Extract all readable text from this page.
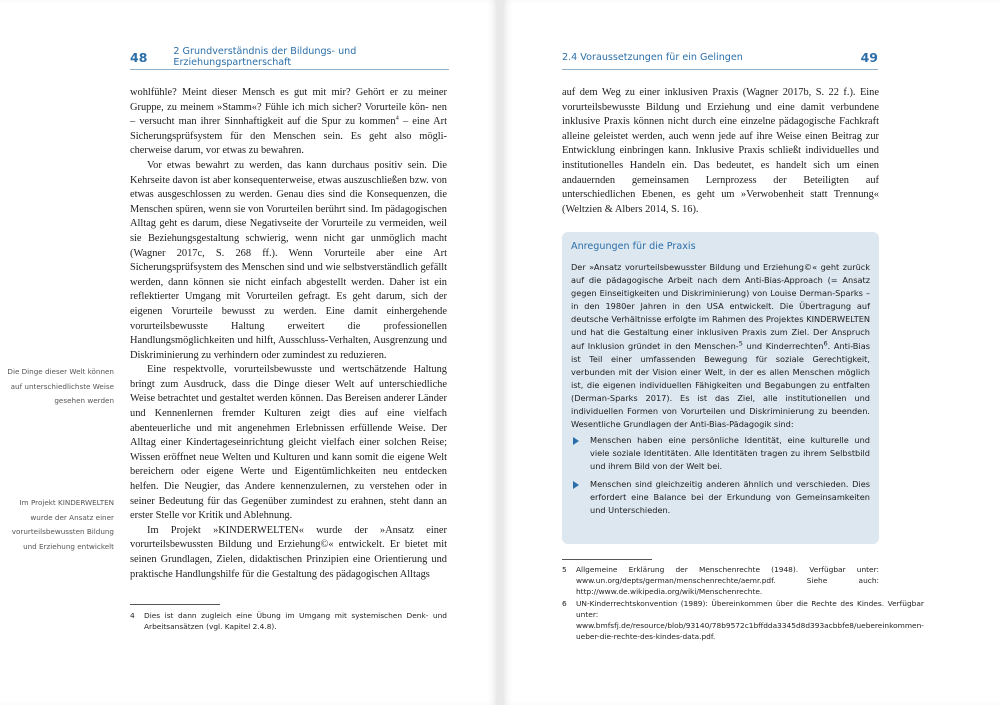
48	2 Grundverständnis der Bildungs- und Erziehungspartnerschaft

wohlfühle? Meint dieser Mensch es gut mit mir? Gehört er zu meiner Gruppe, zu meinem »Stamm«? Fühle ich mich sicher? Vorurteile kön- nen – versucht man ihrer Sinnhaftigkeit auf die Spur zu kommen$^4$ – eine Art Sicherungsprüfsystem für den Menschen sein. Es geht also mögli- cherweise darum, vor etwas zu bewahren.

Vor etwas bewahrt zu werden, das kann durchaus positiv sein. Die Kehrseite davon ist aber konsequenterweise, etwas auszuschließen bzw. von etwas ausgeschlossen zu werden. Genau dies sind die Konsequenzen, die Menschen spüren, wenn sie von Vorurteilen berührt sind. Im pädagogischen Alltag geht es darum, diese Negativseite der Vorurteile zu vermeiden, weil sie Beziehungsgestaltung schwierig, wenn nicht gar unmöglich macht (Wagner 2017c, S. 268 ff.). Wenn Vorurteile aber eine Art Sicherungsprüfsystem des Menschen sind und wie selbstverständlich gefällt werden, dann können sie nicht einfach abgestellt werden. Daher ist ein reflektierter Umgang mit Vorurteilen gefragt. Es geht darum, sich der eigenen Vorurteile bewusst zu werden. Eine damit einhergehende vorurteilsbewusste Haltung erweitert die professionellen Handlungsmöglichkeiten und hilft, Ausschluss-Verhalten, Ausgrenzung und Diskriminierung zu verhindern oder zumindest zu reduzieren.

Eine respektvolle, vorurteilsbewusste und wertschätzende Haltung bringt zum Ausdruck, dass die Dinge dieser Welt auf unterschiedliche Weise betrachtet und gestaltet werden können. Das Bereisen anderer Länder und Kennenlernen fremder Kulturen zeigt dies auf eine vielfach abenteuerliche und mit angenehmen Erlebnissen erfüllende Weise. Der Alltag einer Kindertageseinrichtung gleicht vielfach einer solchen Reise; Wissen eröffnet neue Welten und Kulturen und kann somit die eigene Welt bereichern oder eigene Werte und Eigentümlichkeiten neu entdecken helfen. Die Neugier, das Andere kennenzulernen, zu verstehen oder in seiner Bedeutung für das Gegenüber zumindest zu erahnen, steht dann an erster Stelle vor Kritik und Ablehnung.

Im Projekt »KINDERWELTEN« wurde der »Ansatz einer vorurteilsbewussten Bildung und Erziehung©« entwickelt. Er bietet mit seinen Grundlagen, Zielen, didaktischen Prinzipien eine Orientierung und praktische Handlungshilfe für die Gestaltung des pädagogischen Alltags

Die Dinge dieser Welt können auf unterschiedlichste Weise gesehen werden
Im Projekt KINDERWELTEN wurde der Ansatz einer vorurteilsbewussten Bildung und Erziehung entwickelt
4	Dies ist dann zugleich eine Übung im Umgang mit systemischen Denk- und Arbeitsansätzen (vgl. Kapitel 2.4.8).
2.4 Voraussetzungen für ein Gelingen	49

auf dem Weg zu einer inklusiven Praxis (Wagner 2017b, S. 22 f.). Eine vorurteilsbewusste Bildung und Erziehung und eine damit verbundene inklusive Praxis können nicht durch eine einzelne pädagogische Fachkraft alleine geleistet werden, auch wenn jede auf ihre Weise einen Beitrag zur Entwicklung einbringen kann. Inklusive Praxis schließt individuelles und institutionelles Handeln ein. Das bedeutet, es handelt sich um einen andauernden gemeinsamen Lernprozess der Beteiligten auf unterschiedlichen Ebenen, es geht um »Verwobenheit statt Trennung« (Weltzien & Albers 2014, S. 16).

Anregungen für die Praxis

Der »Ansatz vorurteilsbewusster Bildung und Erziehung©« geht zurück auf die pädagogische Arbeit nach dem Anti-Bias-Approach (= Ansatz gegen Einseitigkeiten und Diskriminierung) von Louise Derman-Sparks – in den 1980er Jahren in den USA entwickelt. Die Übertragung auf deutsche Verhältnisse erfolgte im Rahmen des Projektes KINDERWELTEN und hat die Gestaltung einer inklusiven Praxis zum Ziel. Der Anspruch auf Inklusion gründet in den Menschen-$^5$ und Kinderrechten$^6$. Anti-Bias ist Teil einer umfassenden Bewegung für soziale Gerechtigkeit, verbunden mit der Vision einer Welt, in der es allen Menschen möglich ist, die eigenen individuellen Fähigkeiten und Begabungen zu entfalten (Derman-Sparks 2017). Es ist das Ziel, alle institutionellen und individuellen Formen von Vorurteilen und Diskriminierung zu beenden. Wesentliche Grundlagen der Anti-Bias-Pädagogik sind:

Menschen haben eine persönliche Identität, eine kulturelle und viele soziale Identitäten. Alle Identitäten tragen zu ihrem Selbstbild und ihrem Bild von der Welt bei.
Menschen sind gleichzeitig anderen ähnlich und verschieden. Dies erfordert eine Balance bei der Erkundung von Gemeinsamkeiten und Unterschieden.
5	Allgemeine Erklärung der Menschenrechte (1948). Verfügbar unter: www.un.org/depts/german/menschenrechte/aemr.pdf. Siehe auch: http://www.de.wikipedia.org/wiki/Menschenrechte.
6	UN-Kinderrechtskonvention (1989): Übereinkommen über die Rechte des Kindes. Verfügbar unter: www.bmfsfj.de/resource/blob/93140/78b9572c1bffdda3345d8d393acbbfe8/uebereinkommen-ueber-die-rechte-des-kindes-data.pdf.
